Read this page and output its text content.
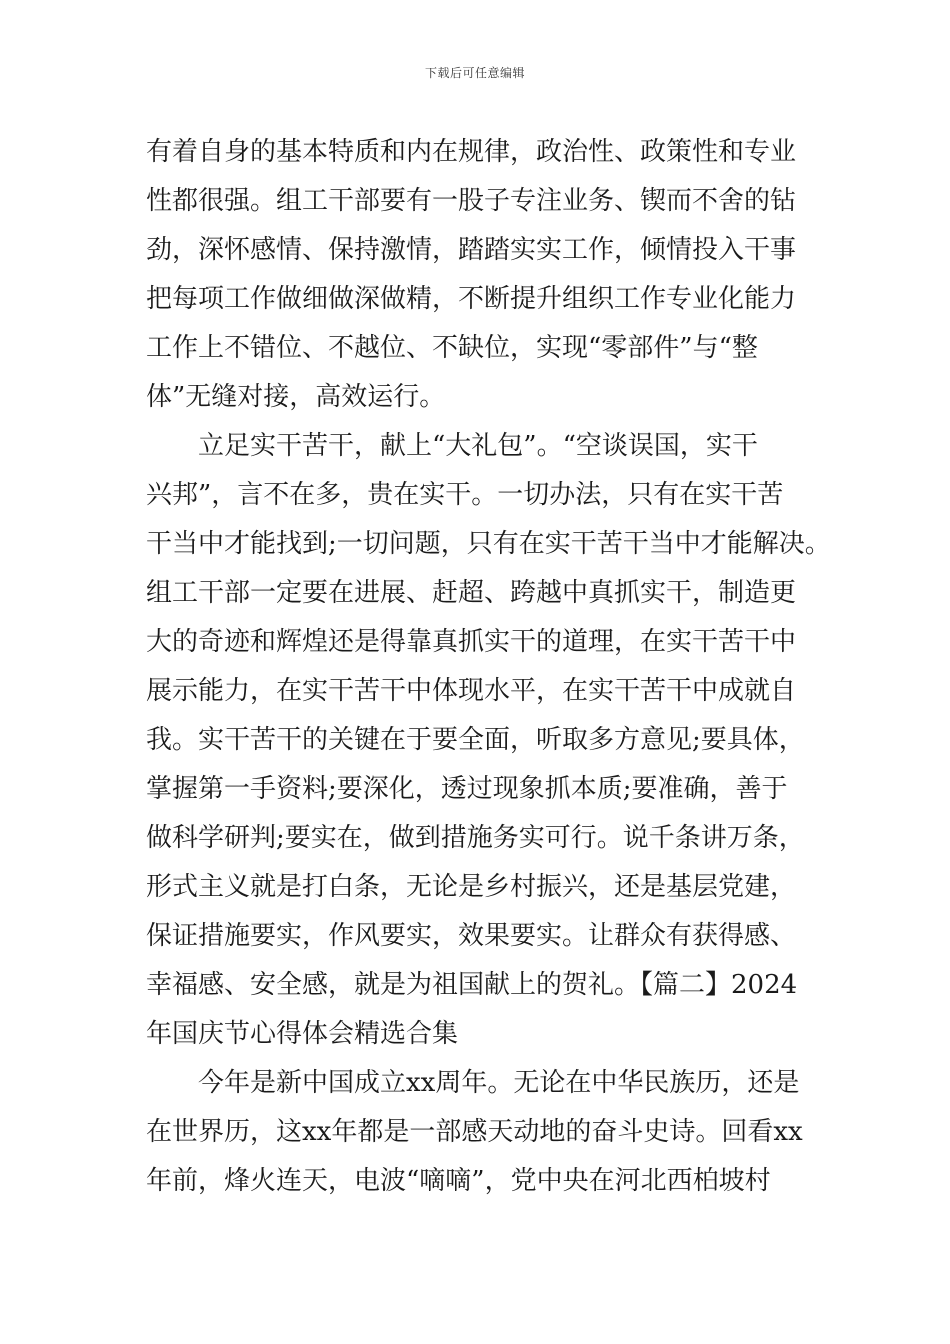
下载后可任意编辑
有着自身的基本特质和内在规律，政治性、政策性和专业
性都很强。组工干部要有一股子专注业务、锲而不舍的钻
劲，深怀感情、保持激情，踏踏实实工作，倾情投入干事
把每项工作做细做深做精，不断提升组织工作专业化能力
工作上不错位、不越位、不缺位，实现“零部件”与“整
体”无缝对接，高效运行。
立足实干苦干，献上“大礼包”。“空谈误国，实干
兴邦”，言不在多，贵在实干。一切办法，只有在实干苦
干当中才能找到;一切问题，只有在实干苦干当中才能解决。
组工干部一定要在进展、赶超、跨越中真抓实干，制造更
大的奇迹和辉煌还是得靠真抓实干的道理，在实干苦干中
展示能力，在实干苦干中体现水平，在实干苦干中成就自
我。实干苦干的关键在于要全面，听取多方意见;要具体，
掌握第一手资料;要深化，透过现象抓本质;要准确，善于
做科学研判;要实在，做到措施务实可行。说千条讲万条，
形式主义就是打白条，无论是乡村振兴，还是基层党建，
保证措施要实，作风要实，效果要实。让群众有获得感、
幸福感、安全感，就是为祖国献上的贺礼。【篇二】2024
年国庆节心得体会精选合集
今年是新中国成立xx周年。无论在中华民族历，还是
在世界历，这xx年都是一部感天动地的奋斗史诗。回看xx
年前，烽火连天，电波“嘀嘀”，党中央在河北西柏坡村
